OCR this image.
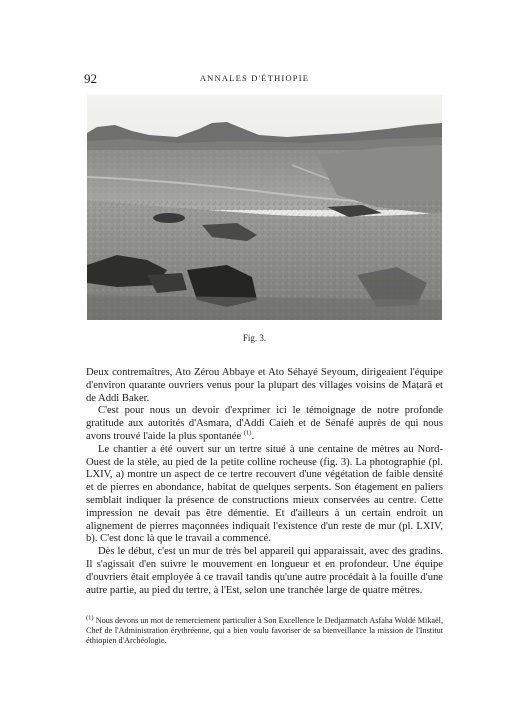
92	ANNALES D'ÉTHIOPIE
Fig. 3.

Deux contremaîtres, Ato Zérou Abbaye et Ato Séhayé Seyoum, dirigeaient l'équipe d'environ quarante ouvriers venus pour la plupart des villages voisins de Maṭarā et de Addi Baker.

C'est pour nous un devoir d'exprimer ici le témoignage de notre profonde gratitude aux autorités d'Asmara, d'Addi Caieh et de Sénafé auprès de qui nous avons trouvé l'aide la plus spontanée $^{(1)}$.

Le chantier a été ouvert sur un tertre situé à une centaine de mètres au Nord-Ouest de la stèle, au pied de la petite colline rocheuse (fig. 3). La photographie (pl. LXIV, a) montre un aspect de ce tertre recouvert d'une végétation de faible densité et de pierres en abondance, habitat de quelques serpents. Son étagement en paliers semblait indiquer la présence de constructions mieux conservées au centre. Cette impression ne devait pas être démentie. Et d'ailleurs à un certain endroit un alignement de pierres maçonnées indiquait l'existence d'un reste de mur (pl. LXIV, b). C'est donc là que le travail a commencé.

Dès le début, c'est un mur de très bel appareil qui apparaissait, avec des gradins. Il s'agissait d'en suivre le mouvement en longueur et en profondeur. Une équipe d'ouvriers était employée à ce travail tandis qu'une autre procédait à la fouille d'une autre partie, au pied du tertre, à l'Est, selon une tranchée large de quatre mètres.

$^{(1)}$ Nous devons un mot de remerciement particulier à Son Excellence le Dedjazmatch Asfaha Woldé Mikaël, Chef de l'Administration érythréenne, qui a bien voulu favoriser de sa bienveillance la mission de l'Institut éthiopien d'Archéologie.
